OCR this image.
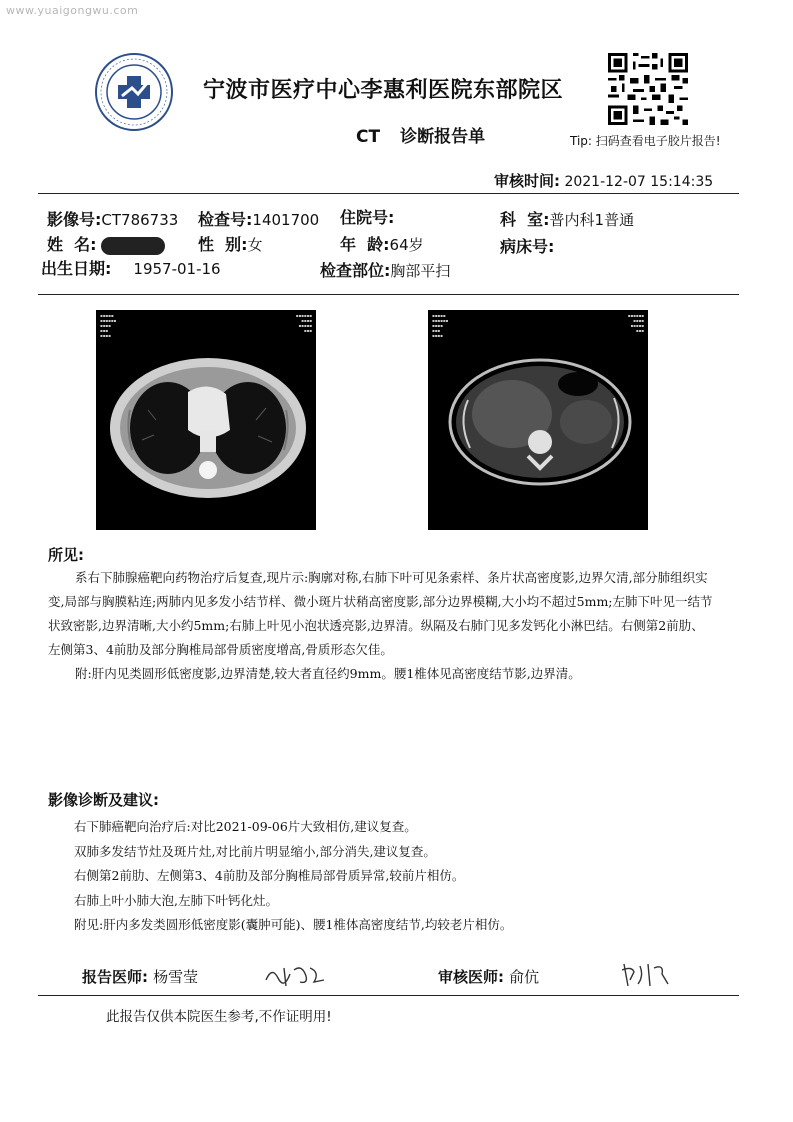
www.yuaigongwu.com
宁波市医疗中心李惠利医院东部院区
CT 诊断报告单	Tip: 扫码查看电子胶片报告!
审核时间: 2021-12-07 15:14:35
影像号:CT786733 检查号:1401700 住院号:	科  室:普内科1普通
姓  名:	性  别:女	年  龄:64岁	病床号:
出生日期: 1957-01-16	检查部位:胸部平扫
▪▪▪▪▪
▪▪▪▪▪▪
▪▪▪▪
▪▪▪
▪▪▪▪
▪▪▪▪▪▪
▪▪▪▪
▪▪▪▪▪
▪▪▪
▪▪▪▪▪
▪▪▪▪▪▪
▪▪▪▪
▪▪▪
▪▪▪▪
▪▪▪▪▪▪
▪▪▪▪
▪▪▪▪▪
▪▪▪
所见:

系右下肺腺癌靶向药物治疗后复查,现片示:胸廓对称,右肺下叶可见条索样、条片状高密度影,边界欠清,部分肺组织实变,局部与胸膜粘连;两肺内见多发小结节样、微小斑片状稍高密度影,部分边界模糊,大小均不超过5mm;左肺下叶见一结节状致密影,边界清晰,大小约5mm;右肺上叶见小泡状透亮影,边界清。纵隔及右肺门见多发钙化小淋巴结。右侧第2前肋、左侧第3、4前肋及部分胸椎局部骨质密度增高,骨质形态欠佳。

附:肝内见类圆形低密度影,边界清楚,较大者直径约9mm。腰1椎体见高密度结节影,边界清。

影像诊断及建议:
右下肺癌靶向治疗后:对比2021-09-06片大致相仿,建议复查。
双肺多发结节灶及斑片灶,对比前片明显缩小,部分消失,建议复查。
右侧第2前肋、左侧第3、4前肋及部分胸椎局部骨质异常,较前片相仿。
右肺上叶小肺大泡,左肺下叶钙化灶。
附见:肝内多发类圆形低密度影(囊肿可能)、腰1椎体高密度结节,均较老片相仿。
报告医师: 杨雪莹	审核医师: 俞伉
此报告仅供本院医生参考,不作证明用!
